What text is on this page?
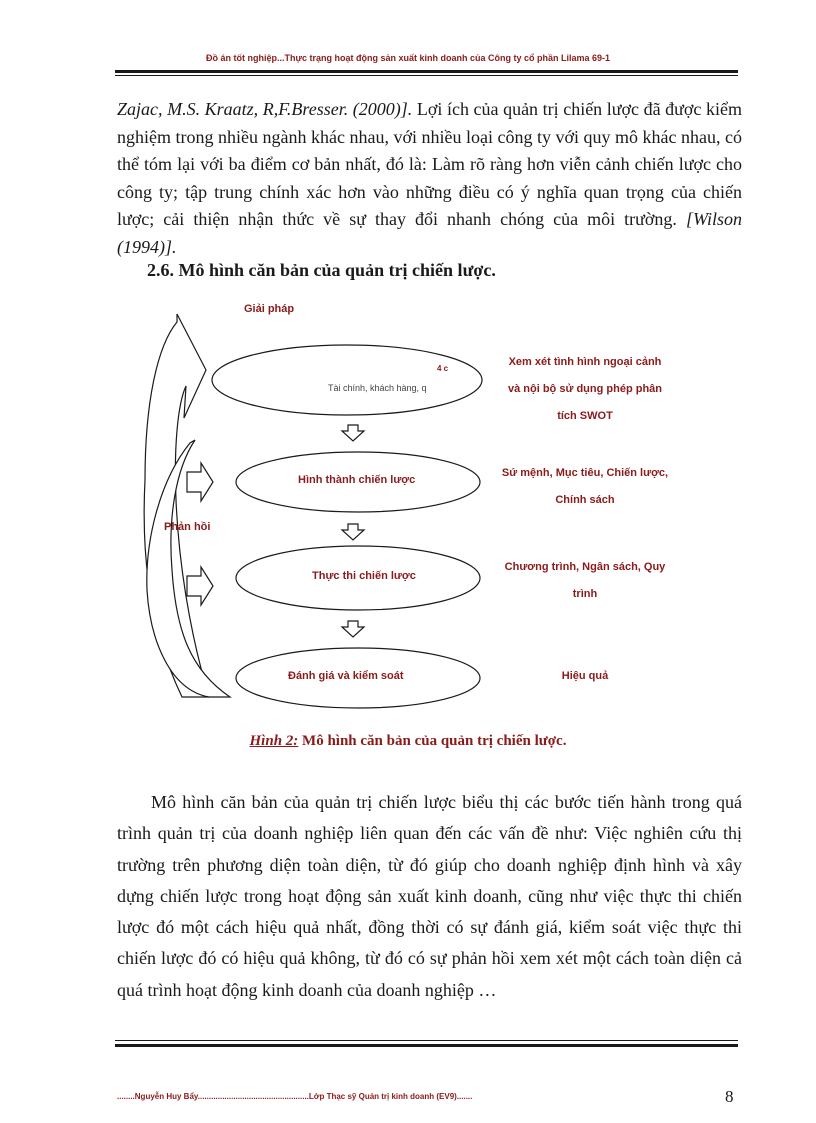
Đồ án tốt nghiệp...Thực trạng hoạt động sản xuất kinh doanh của Công ty cổ phần Lilama 69-1

Zajac, M.S. Kraatz, R,F.Bresser. (2000)]. Lợi ích của quản trị chiến lược đã được kiểm nghiệm trong nhiều ngành khác nhau, với nhiều loại công ty với quy mô khác nhau, có thể tóm lại với ba điểm cơ bản nhất, đó là: Làm rõ ràng hơn viễn cảnh chiến lược cho công ty; tập trung chính xác hơn vào những điều có ý nghĩa quan trọng của chiến lược; cải thiện nhận thức về sự thay đổi nhanh chóng của môi trường. [Wilson (1994)].

2.6. Mô hình căn bản của quản trị chiến lược.
Giải pháp
Phản hồi
4 c
Tài chính, khách hàng, q
Hình thành chiến lược
Thực thi chiến lược
Đánh giá và kiểm soát
Xem xét tình hình ngoại cảnh
và nội bộ sử dụng phép phân
tích SWOT
Sứ mệnh, Mục tiêu, Chiến lược,
Chính sách
Chương trình, Ngân sách, Quy
trình
Hiệu quả
Hình 2: Mô hình căn bản của quản trị chiến lược.
Mô hình căn bản của quản trị chiến lược biểu thị các bước tiến hành trong quá trình quản trị của doanh nghiệp liên quan đến các vấn đề như: Việc nghiên cứu thị trường trên phương diện toàn diện, từ đó giúp cho doanh nghiệp định hình và xây dựng chiến lược trong hoạt động sản xuất kinh doanh, cũng như việc thực thi chiến lược đó một cách hiệu quả nhất, đồng thời có sự đánh giá, kiểm soát việc thực thi chiến lược đó có hiệu quả không, từ đó có sự phản hồi xem xét một cách toàn diện cả quá trình hoạt động kinh doanh của doanh nghiệp …
........Nguyễn Huy Bẩy..................................................Lớp Thạc sỹ Quản trị kinh doanh (EV9).......	8
